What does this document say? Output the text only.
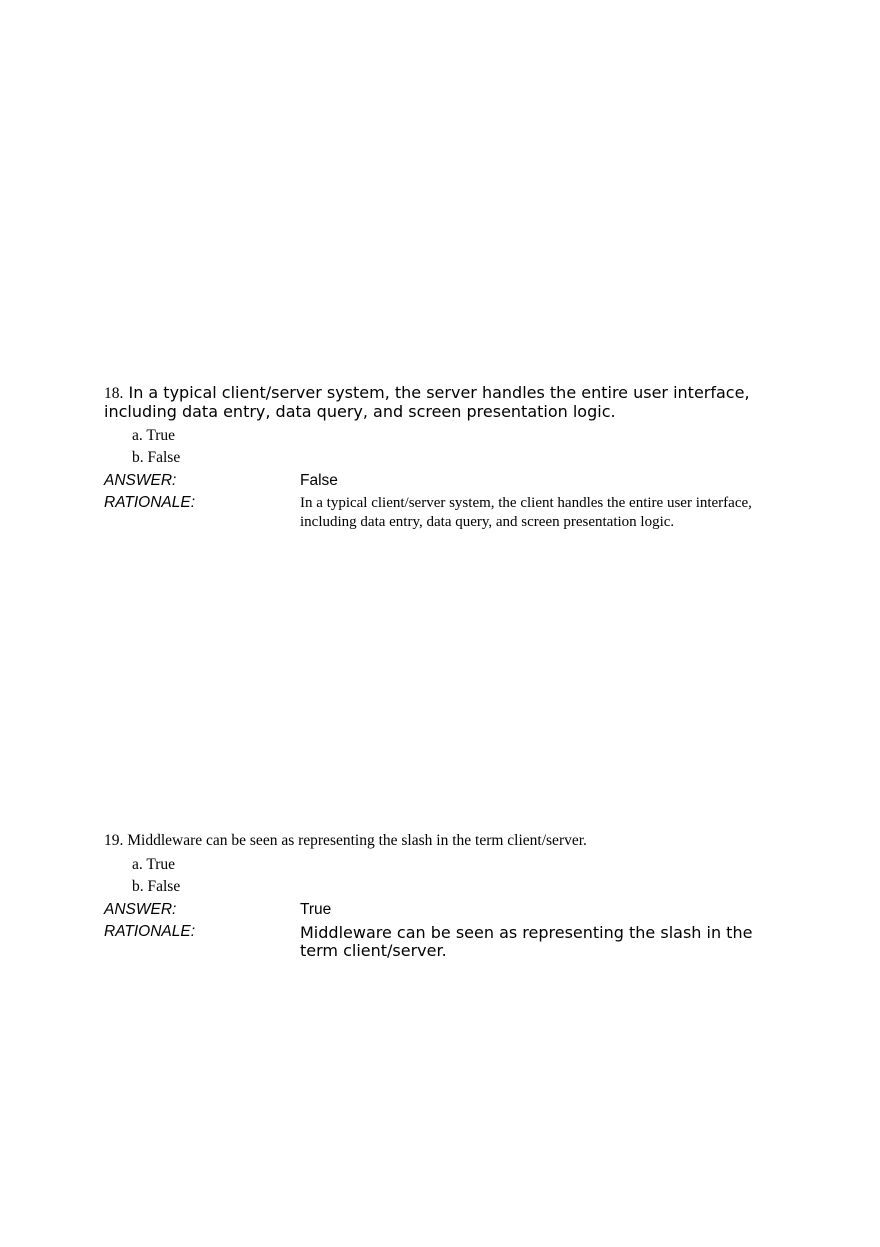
18. In a typical client/server system, the server handles the entire user interface, including data entry, data query, and screen presentation logic.

a. True
b. False
ANSWER:	False
RATIONALE:	In a typical client/server system, the client handles the entire user interface, including data entry, data query, and screen presentation logic.

19. Middleware can be seen as representing the slash in the term client/server.

a. True
b. False
ANSWER:	True
RATIONALE:	Middleware can be seen as representing the slash in the term client/server.
